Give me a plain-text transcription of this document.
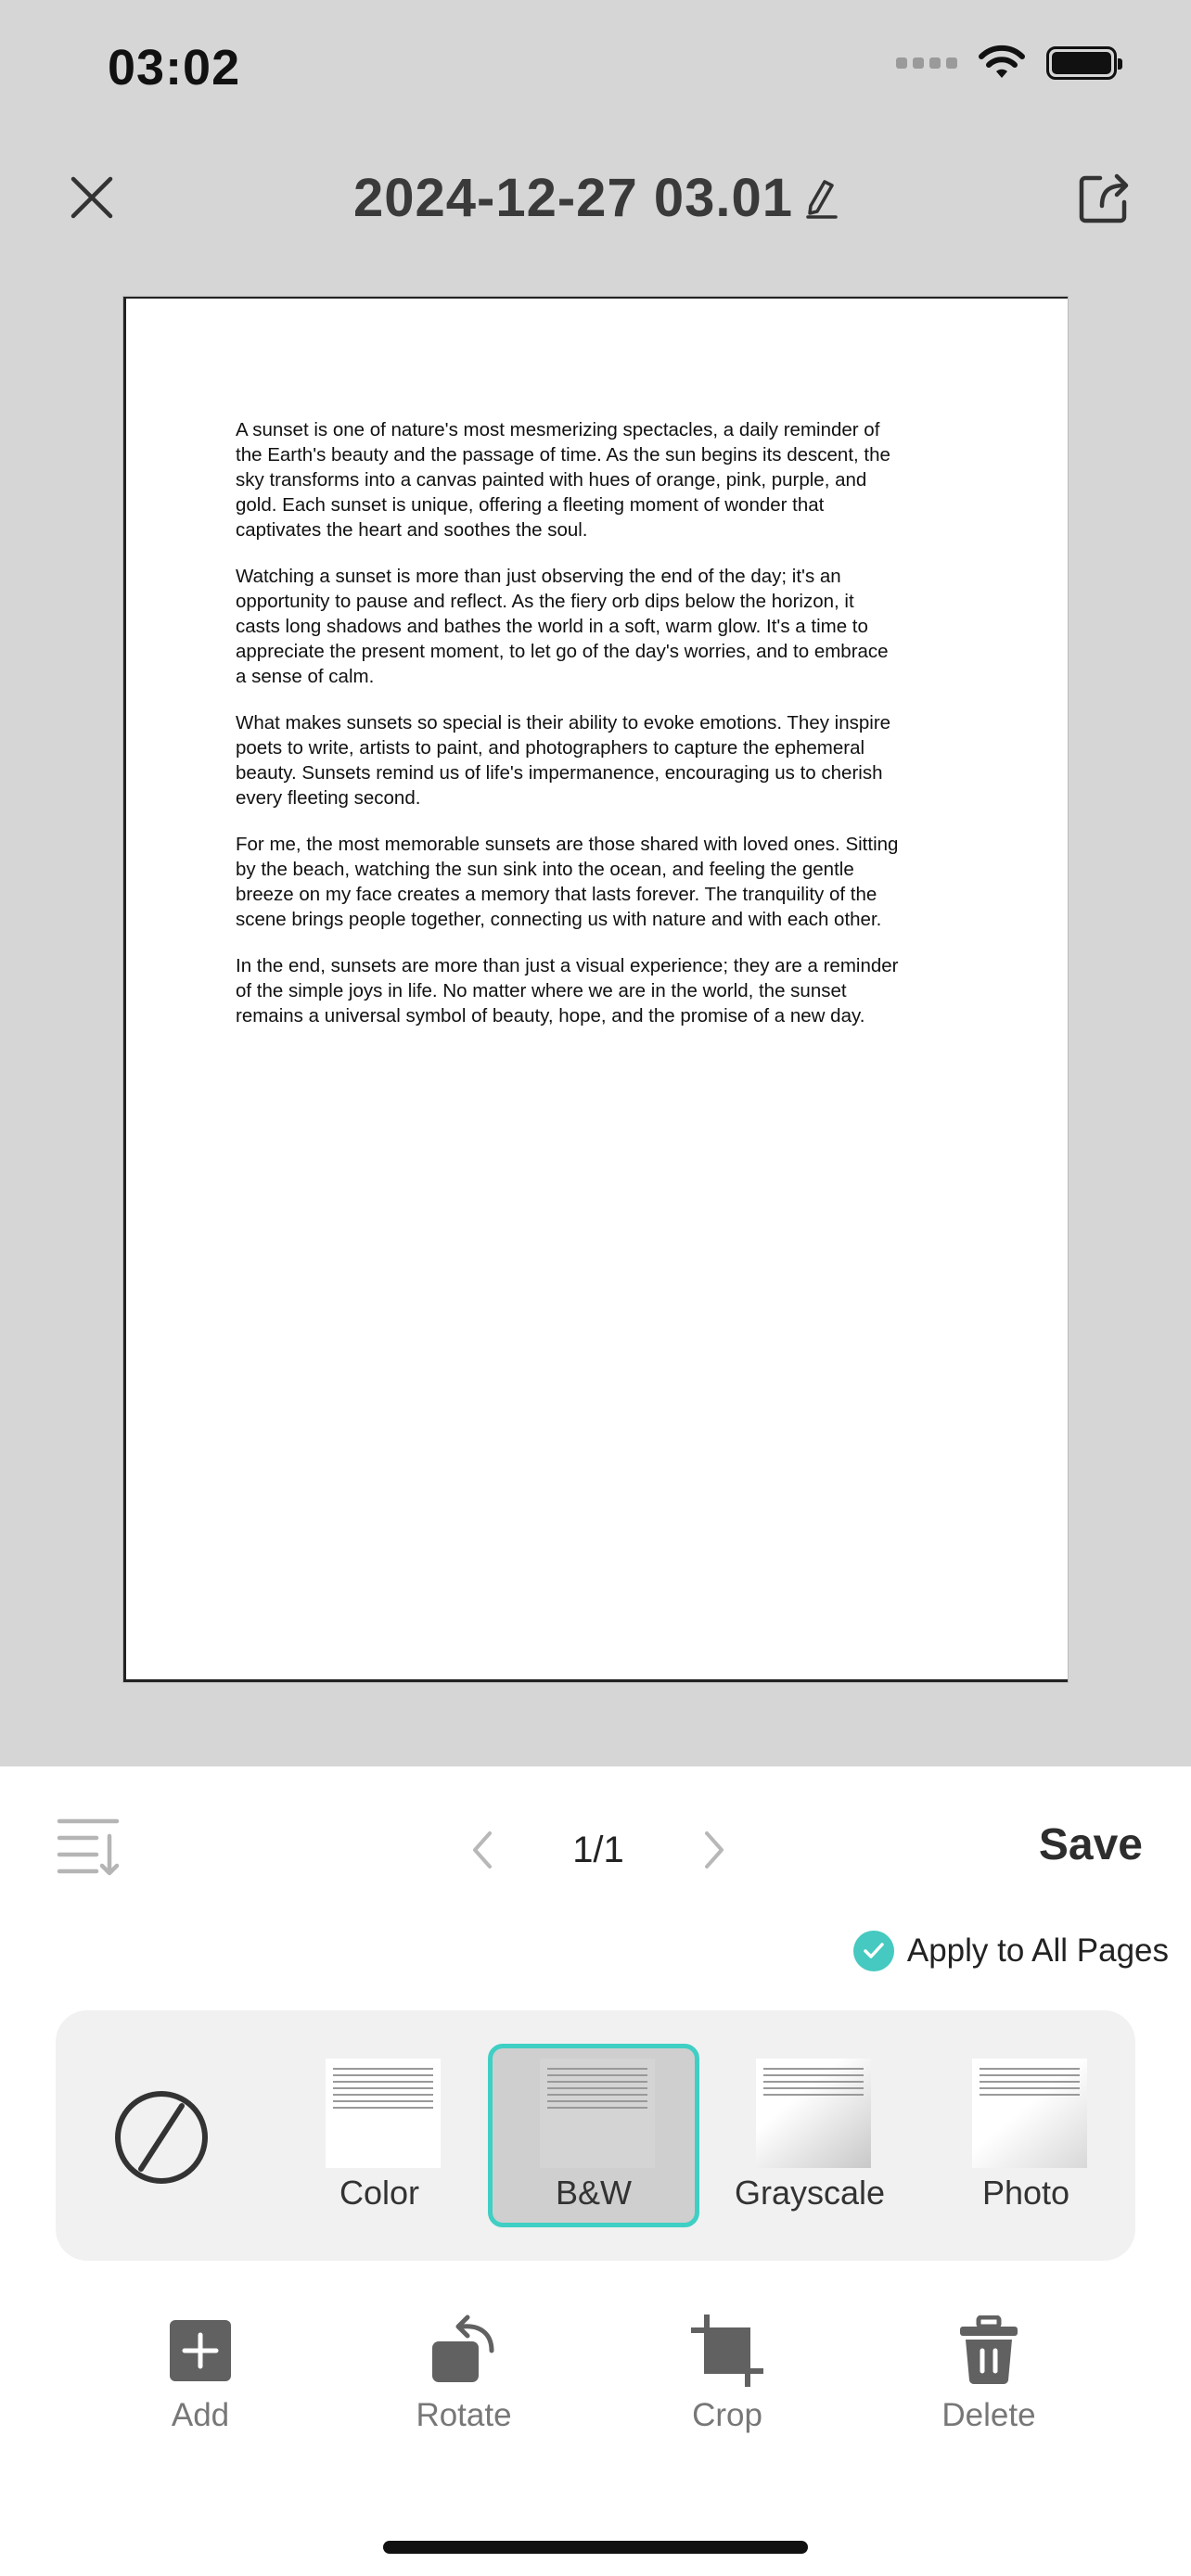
03:02
2024-12-27 03.01

A sunset is one of nature's most mesmerizing spectacles, a daily reminder of the Earth's beauty and the passage of time. As the sun begins its descent, the sky transforms into a canvas painted with hues of orange, pink, purple, and gold. Each sunset is unique, offering a fleeting moment of wonder that captivates the heart and soothes the soul.

Watching a sunset is more than just observing the end of the day; it's an opportunity to pause and reflect. As the fiery orb dips below the horizon, it casts long shadows and bathes the world in a soft, warm glow. It's a time to appreciate the present moment, to let go of the day's worries, and to embrace a sense of calm.

What makes sunsets so special is their ability to evoke emotions. They inspire poets to write, artists to paint, and photographers to capture the ephemeral beauty. Sunsets remind us of life's impermanence, encouraging us to cherish every fleeting second.

For me, the most memorable sunsets are those shared with loved ones. Sitting by the beach, watching the sun sink into the ocean, and feeling the gentle breeze on my face creates a memory that lasts forever. The tranquility of the scene brings people together, connecting us with nature and with each other.

In the end, sunsets are more than just a visual experience; they are a reminder of the simple joys in life. No matter where we are in the world, the sunset remains a universal symbol of beauty, hope, and the promise of a new day.

1/1	Save
Apply to All Pages
Color	B&W	Grayscale	Photo
Add	Rotate	Crop	Delete
